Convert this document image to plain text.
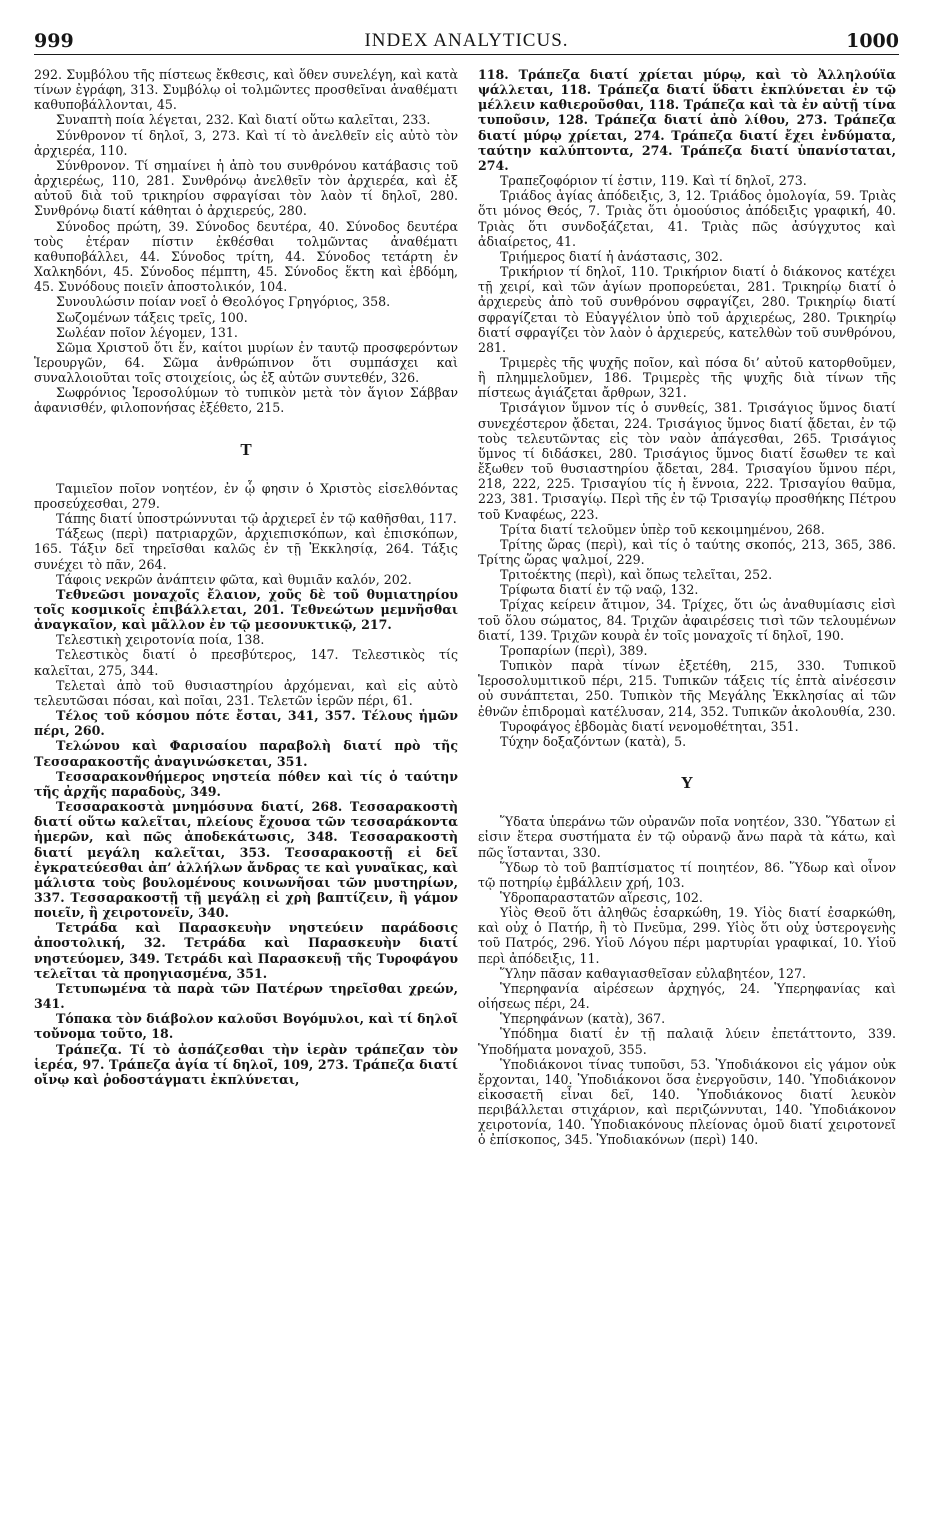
999	INDEX ANALYTICUS.	1000

292. Συμβόλου τῆς πίστεως ἔκθεσις, καὶ ὅθεν συνελέγη, καὶ κατὰ τίνων ἐγράφη, 313. Συμβόλῳ οἱ τολμῶντες προσθεῖναι ἀναθέματι καθυποβάλλονται, 45.

Συναπτὴ ποία λέγεται, 232. Καὶ διατί οὕτω καλεῖται, 233.

Σύνθρονον τί δηλοῖ, 3, 273. Καὶ τί τὸ ἀνελθεῖν εἰς αὐτὸ τὸν ἀρχιερέα, 110.

Σύνθρονον. Τί σημαίνει ἡ ἀπὸ του συνθρόνου κατάβασις τοῦ ἀρχιερέως, 110, 281. Συνθρόνῳ ἀνελθεῖν τὸν ἀρχιερέα, καὶ ἐξ αὐτοῦ διὰ τοῦ τρικηρίου σφραγίσαι τὸν λαὸν τί δηλοῖ, 280. Συνθρόνῳ διατί κάθηται ὁ ἀρχιερεύς, 280.

Σύνοδος πρώτη, 39. Σύνοδος δευτέρα, 40. Σύνοδος δευτέρα τοὺς ἑτέραν πίστιν ἐκθέσθαι τολμῶντας ἀναθέματι καθυποβάλλει, 44. Σύνοδος τρίτη, 44. Σύνοδος τετάρτη ἐν Χαλκηδόνι, 45. Σύνοδος πέμπτη, 45. Σύνοδος ἕκτη καὶ ἑβδόμη, 45. Συνόδους ποιεῖν ἀποστολικόν, 104.

Συνουλώσιν ποίαν νοεῖ ὁ Θεολόγος Γρηγόριος, 358.

Σωζομένων τάξεις τρεῖς, 100.

Σωλέαν ποῖον λέγομεν, 131.

Σῶμα Χριστοῦ ὅτι ἕν, καίτοι μυρίων ἐν ταυτῷ προσφερόντων Ἱερουργῶν, 64. Σῶμα ἀνθρώπινον ὅτι συμπάσχει καὶ συναλλοιοῦται τοῖς στοιχείοις, ὡς ἐξ αὐτῶν συντεθέν, 326.

Σωφρόνιος Ἱεροσολύμων τὸ τυπικὸν μετὰ τὸν ἅγιον Σάββαν ἀφανισθέν, φιλοπονήσας ἐξέθετο, 215.

Τ

Ταμιεῖον ποῖον νοητέον, ἐν ᾧ φησιν ὁ Χριστὸς εἰσελθόντας προσεύχεσθαι, 279.

Τάπης διατί ὑποστρώννυται τῷ ἀρχιερεῖ ἐν τῷ καθῆσθαι, 117.

Τάξεως (περὶ) πατριαρχῶν, ἀρχιεπισκόπων, καὶ ἐπισκόπων, 165. Τάξιν δεῖ τηρεῖσθαι καλῶς ἐν τῇ Ἐκκλησίᾳ, 264. Τάξις συνέχει τὸ πᾶν, 264.

Τάφοις νεκρῶν ἀνάπτειν φῶτα, καὶ θυμιᾶν καλόν, 202.

Τεθνεῶσι μοναχοῖς ἔλαιον, χοῦς δὲ τοῦ θυμιατηρίου τοῖς κοσμικοῖς ἐπιβάλλεται, 201. Τεθνεώτων μεμνῆσθαι ἀναγκαῖον, καὶ μᾶλλον ἐν τῷ μεσονυκτικῷ, 217.

Τελεστικὴ χειροτονία ποία, 138.

Τελεστικὸς διατί ὁ πρεσβύτερος, 147. Τελεστικὸς τίς καλεῖται, 275, 344.

Τελεταὶ ἀπὸ τοῦ θυσιαστηρίου ἀρχόμεναι, καὶ εἰς αὐτὸ τελευτῶσαι πόσαι, καὶ ποῖαι, 231. Τελετῶν ἱερῶν πέρι, 61.

Τέλος τοῦ κόσμου πότε ἔσται, 341, 357. Τέλους ἡμῶν πέρι, 260.

Τελώνου καὶ Φαρισαίου παραβολὴ διατί πρὸ τῆς Τεσσαρακοστῆς ἀναγινώσκεται, 351.

Τεσσαρακονθήμερος νηστεία πόθεν καὶ τίς ὁ ταύτην τῆς ἀρχῆς παραδοὺς, 349.

Τεσσαρακοστὰ μνημόσυνα διατί, 268. Τεσσαρακοστὴ διατί οὕτω καλεῖται, πλείους ἔχουσα τῶν τεσσαράκοντα ἡμερῶν, καὶ πῶς ἀποδεκάτωσις, 348. Τεσσαρακοστὴ διατί μεγάλη καλεῖται, 353. Τεσσαρακοστῇ εἰ δεῖ ἐγκρατεύεσθαι ἀπ’ ἀλλήλων ἄνδρας τε καὶ γυναῖκας, καὶ μάλιστα τοὺς βουλομένους κοινωνῆσαι τῶν μυστηρίων, 337. Τεσσαρακοστῇ τῇ μεγάλῃ εἰ χρὴ βαπτίζειν, ἢ γάμον ποιεῖν, ἢ χειροτονεῖν, 340.

Τετράδα καὶ Παρασκευὴν νηστεύειν παράδοσις ἀποστολική, 32. Τετράδα καὶ Παρασκευὴν διατί νηστεύομεν, 349. Τετράδι καὶ Παρασκευῇ τῆς Τυροφάγου τελεῖται τὰ προηγιασμένα, 351.

Τετυπωμένα τὰ παρὰ τῶν Πατέρων τηρεῖσθαι χρεών, 341.

Τόπακα τὸν διάβολον καλοῦσι Βογόμυλοι, καὶ τί δηλοῖ τοὔνομα τοῦτο, 18.

Τράπεζα. Τί τὸ ἀσπάζεσθαι τὴν ἱερὰν τράπεζαν τὸν ἱερέα, 97. Τράπεζα ἁγία τί δηλοῖ, 109, 273. Τράπεζα διατί οἴνῳ καὶ ῥοδοστάγματι ἐκπλύνεται,

118. Τράπεζα διατί χρίεται μύρῳ, καὶ τὸ Ἀλληλούϊα ψάλλεται, 118. Τράπεζα διατί ὕδατι ἐκπλύνεται ἐν τῷ μέλλειν καθιεροῦσθαι, 118. Τράπεζα καὶ τὰ ἐν αὐτῇ τίνα τυποῦσιν, 128. Τράπεζα διατί ἀπὸ λίθου, 273. Τράπεζα διατί μύρῳ χρίεται, 274. Τράπεζα διατί ἔχει ἐνδύματα, ταύτην καλύπτοντα, 274. Τράπεζα διατί ὑπανίσταται, 274.

Τραπεζοφόριον τί ἐστιν, 119. Καὶ τί δηλοῖ, 273.

Τριάδος ἁγίας ἀπόδειξις, 3, 12. Τριάδος ὁμολογία, 59. Τριὰς ὅτι μόνος Θεός, 7. Τριὰς ὅτι ὁμοούσιος ἀπόδειξις γραφική, 40. Τριὰς ὅτι συνδοξάζεται, 41. Τριὰς πῶς ἀσύγχυτος καὶ ἀδιαίρετος, 41.

Τριήμερος διατί ἡ ἀνάστασις, 302.

Τρικήριον τί δηλοῖ, 110. Τρικήριον διατί ὁ διάκονος κατέχει τῇ χειρί, καὶ τῶν ἁγίων προπορεύεται, 281. Τρικηρίῳ διατί ὁ ἀρχιερεὺς ἀπὸ τοῦ συνθρόνου σφραγίζει, 280. Τρικηρίῳ διατί σφραγίζεται τὸ Εὐαγγέλιον ὑπὸ τοῦ ἀρχιερέως, 280. Τρικηρίῳ διατί σφραγίζει τὸν λαὸν ὁ ἀρχιερεύς, κατελθὼν τοῦ συνθρόνου, 281.

Τριμερὲς τῆς ψυχῆς ποῖον, καὶ πόσα δι’ αὐτοῦ κατορθοῦμεν, ἢ πλημμελοῦμεν, 186. Τριμερὲς τῆς ψυχῆς διὰ τίνων τῆς πίστεως ἁγιάζεται ἄρθρων, 321.

Τρισάγιον ὕμνον τίς ὁ συνθείς, 381. Τρισάγιος ὕμνος διατί συνεχέστερον ᾄδεται, 224. Τρισάγιος ὕμνος διατί ᾄδεται, ἐν τῷ τοὺς τελευτῶντας εἰς τὸν ναὸν ἀπάγεσθαι, 265. Τρισάγιος ὕμνος τί διδάσκει, 280. Τρισάγιος ὕμνος διατί ἔσωθεν τε καὶ ἔξωθεν τοῦ θυσιαστηρίου ᾄδεται, 284. Τρισαγίου ὕμνου πέρι, 218, 222, 225. Τρισαγίου τίς ἡ ἔννοια, 222. Τρισαγίου θαῦμα, 223, 381. Τρισαγίῳ. Περὶ τῆς ἐν τῷ Τρισαγίῳ προσθήκης Πέτρου τοῦ Κναφέως, 223.

Τρίτα διατί τελοῦμεν ὑπὲρ τοῦ κεκοιμημένου, 268.

Τρίτης ὥρας (περὶ), καὶ τίς ὁ ταύτης σκοπός, 213, 365, 386. Τρίτης ὥρας ψαλμοί, 229.

Τριτοέκτης (περὶ), καὶ ὅπως τελεῖται, 252.

Τρίφωτα διατί ἐν τῷ ναῷ, 132.

Τρίχας κείρειν ἄτιμον, 34. Τρίχες, ὅτι ὡς ἀναθυμίασις εἰσὶ τοῦ ὅλου σώματος, 84. Τριχῶν ἀφαιρέσεις τισὶ τῶν τελουμένων διατί, 139. Τριχῶν κουρὰ ἐν τοῖς μοναχοῖς τί δηλοῖ, 190.

Τροπαρίων (περὶ), 389.

Τυπικὸν παρὰ τίνων ἐξετέθη, 215, 330. Τυπικοῦ Ἱεροσολυμιτικοῦ πέρι, 215. Τυπικῶν τάξεις τίς ἑπτὰ αἰνέσεσιν οὐ συνάπτεται, 250. Τυπικὸν τῆς Μεγάλης Ἐκκλησίας αἱ τῶν ἐθνῶν ἐπιδρομαὶ κατέλυσαν, 214, 352. Τυπικῶν ἀκολουθία, 230.

Τυροφάγος ἑβδομὰς διατί νενομοθέτηται, 351.

Τύχην δοξαζόντων (κατὰ), 5.

Υ

Ὕδατα ὑπεράνω τῶν οὐρανῶν ποῖα νοητέον, 330. Ὕδατων εἰ εἰσιν ἕτερα συστήματα ἐν τῷ οὐρανῷ ἄνω παρὰ τὰ κάτω, καὶ πῶς ἵστανται, 330.

Ὕδωρ τὸ τοῦ βαπτίσματος τί ποιητέον, 86. Ὕδωρ καὶ οἶνον τῷ ποτηρίῳ ἐμβάλλειν χρή, 103.

Ὑδροπαραστατῶν αἵρεσις, 102.

Υἱὸς Θεοῦ ὅτι ἀληθῶς ἐσαρκώθη, 19. Υἱὸς διατί ἐσαρκώθη, καὶ οὐχ ὁ Πατήρ, ἢ τὸ Πνεῦμα, 299. Υἱὸς ὅτι οὐχ ὑστερογενὴς τοῦ Πατρός, 296. Υἱοῦ Λόγου πέρι μαρτυρίαι γραφικαί, 10. Υἱοῦ περὶ ἀπόδειξις, 11.

Ὕλην πᾶσαν καθαγιασθεῖσαν εὐλαβητέον, 127.

Ὑπερηφανία αἱρέσεων ἀρχηγός, 24. Ὑπερηφανίας καὶ οἰήσεως πέρι, 24.

Ὑπερηφάνων (κατὰ), 367.

Ὑπόδημα διατί ἐν τῇ παλαιᾷ λύειν ἐπετάττοντο, 339. Ὑποδήματα μοναχοῦ, 355.

Ὑποδιάκονοι τίνας τυποῦσι, 53. Ὑποδιάκονοι εἰς γάμον οὐκ ἔρχονται, 140. Ὑποδιάκονοι ὅσα ἐνεργοῦσιν, 140. Ὑποδιάκονον εἰκοσαετῆ εἶναι δεῖ, 140. Ὑποδιάκονος διατί λευκὸν περιβάλλεται στιχάριον, καὶ περιζώννυται, 140. Ὑποδιάκονον χειροτονία, 140. Ὑποδιακόνους πλείονας ὁμοῦ διατί χειροτονεῖ ὁ ἐπίσκοπος, 345. Ὑποδιακόνων (περὶ) 140.
